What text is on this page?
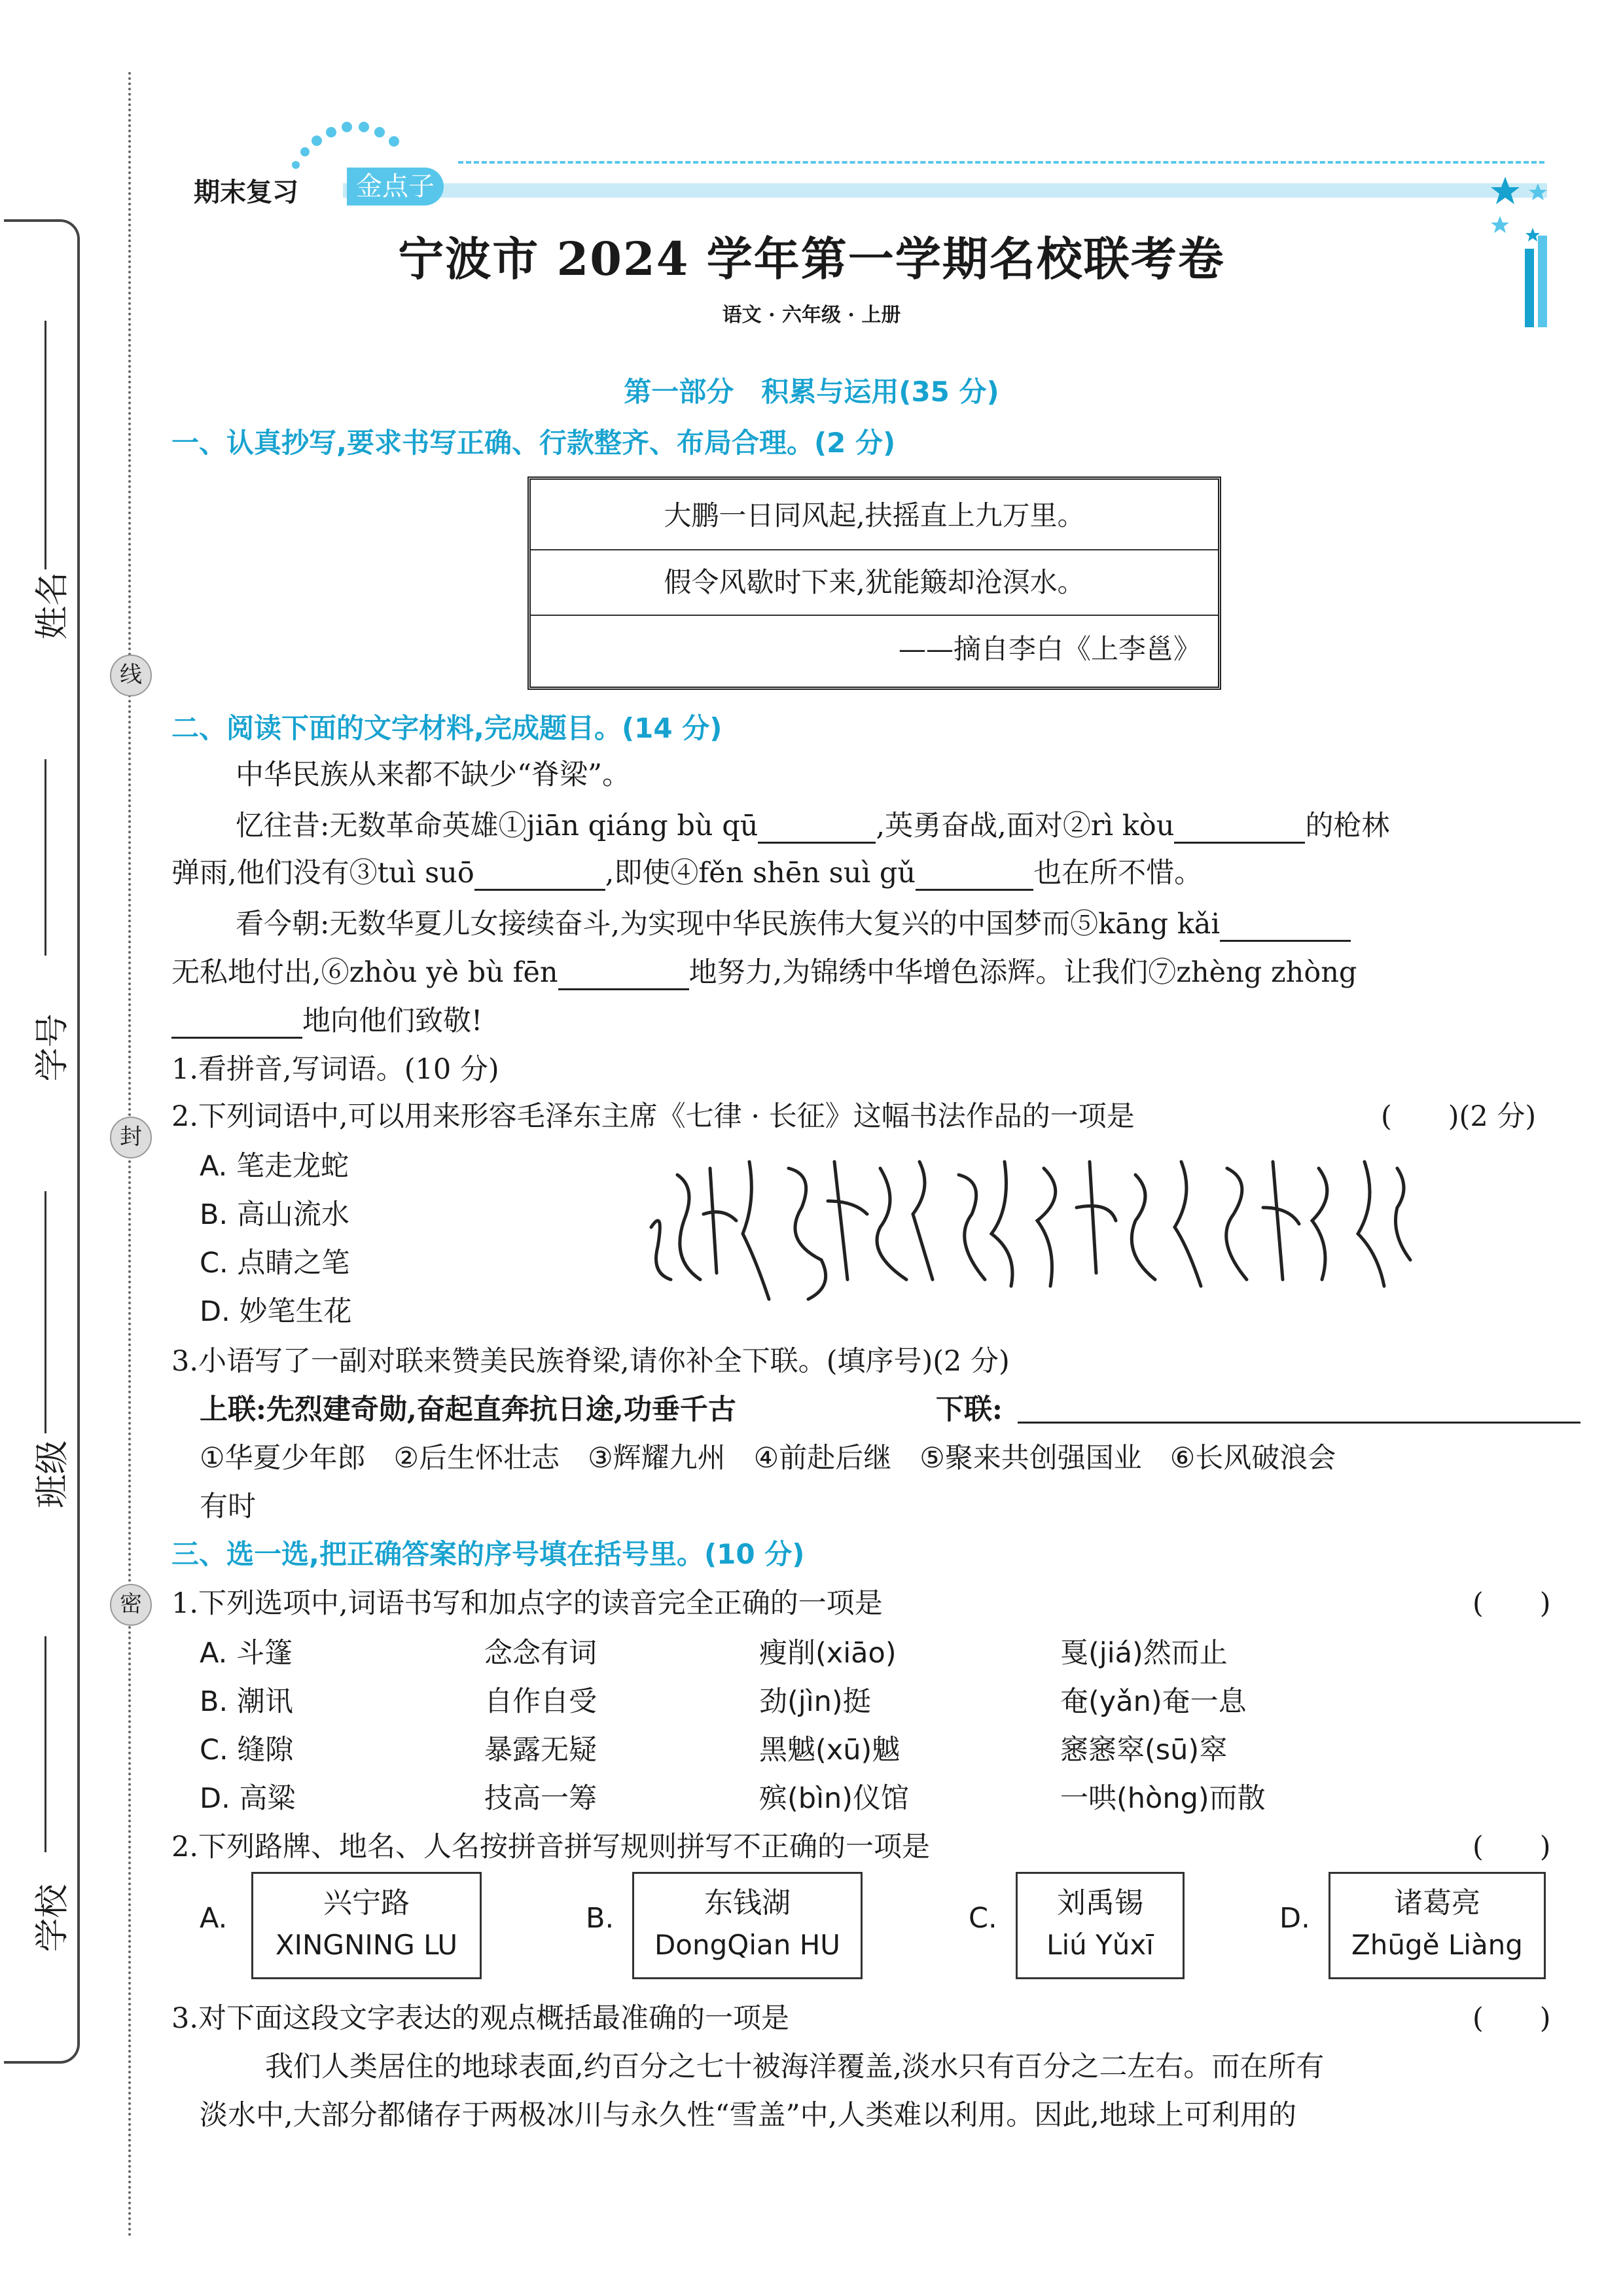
姓名
学号
班级
学校
线
封
密
期末复习	金点子
宁波市 2024 学年第一学期名校联考卷
语文 · 六年级 · 上册
第一部分　积累与运用(35 分)
一、认真抄写,要求书写正确、行款整齐、布局合理。(2 分)
大鹏一日同风起,扶摇直上九万里。
假令风歇时下来,犹能簸却沧溟水。
——摘自李白《上李邕》
二、阅读下面的文字材料,完成题目。(14 分)
中华民族从来都不缺少“脊梁”。
忆往昔:无数革命英雄①jiān qiáng bù qū	,英勇奋战,面对②rì kòu	的枪林
弹雨,他们没有③tuì suō	,即使④fěn shēn suì gǔ	也在所不惜。
看今朝:无数华夏儿女接续奋斗,为实现中华民族伟大复兴的中国梦而⑤kāng kǎi
无私地付出,⑥zhòu yè bù fēn	地努力,为锦绣中华增色添辉。让我们⑦zhèng zhòng
地向他们致敬!
1.看拼音,写词语。(10 分)
2.下列词语中,可以用来形容毛泽东主席《七律 · 长征》这幅书法作品的一项是	(　　)(2 分)
A. 笔走龙蛇
B. 高山流水
C. 点睛之笔
D. 妙笔生花
3.小语写了一副对联来赞美民族脊梁,请你补全下联。(填序号)(2 分)
上联:先烈建奇勋,奋起直奔抗日途,功垂千古	下联:
①华夏少年郎　②后生怀壮志　③辉耀九州　④前赴后继　⑤聚来共创强国业　⑥长风破浪会
有时
三、选一选,把正确答案的序号填在括号里。(10 分)
1.下列选项中,词语书写和加点字的读音完全正确的一项是	(　　)
A. 斗篷	念念有词	瘦削(xiāo)	戛(jiá)然而止
B. 潮讯	自作自受	劲(jìn)挺	奄(yǎn)奄一息
C. 缝隙	暴露无疑	黑魆(xū)魆	窸窸窣(sū)窣
D. 高粱	技高一筹	殡(bìn)仪馆	一哄(hòng)而散
2.下列路牌、地名、人名按拼音拼写规则拼写不正确的一项是	(　　)
A.	兴宁路
XINGNING LU
B.	东钱湖
DongQian HU
C.	刘禹锡
Liú Yǔxī
D.	诸葛亮
Zhūgě Liàng
3.对下面这段文字表达的观点概括最准确的一项是	(　　)
我们人类居住的地球表面,约百分之七十被海洋覆盖,淡水只有百分之二左右。而在所有
淡水中,大部分都储存于两极冰川与永久性“雪盖”中,人类难以利用。因此,地球上可利用的
